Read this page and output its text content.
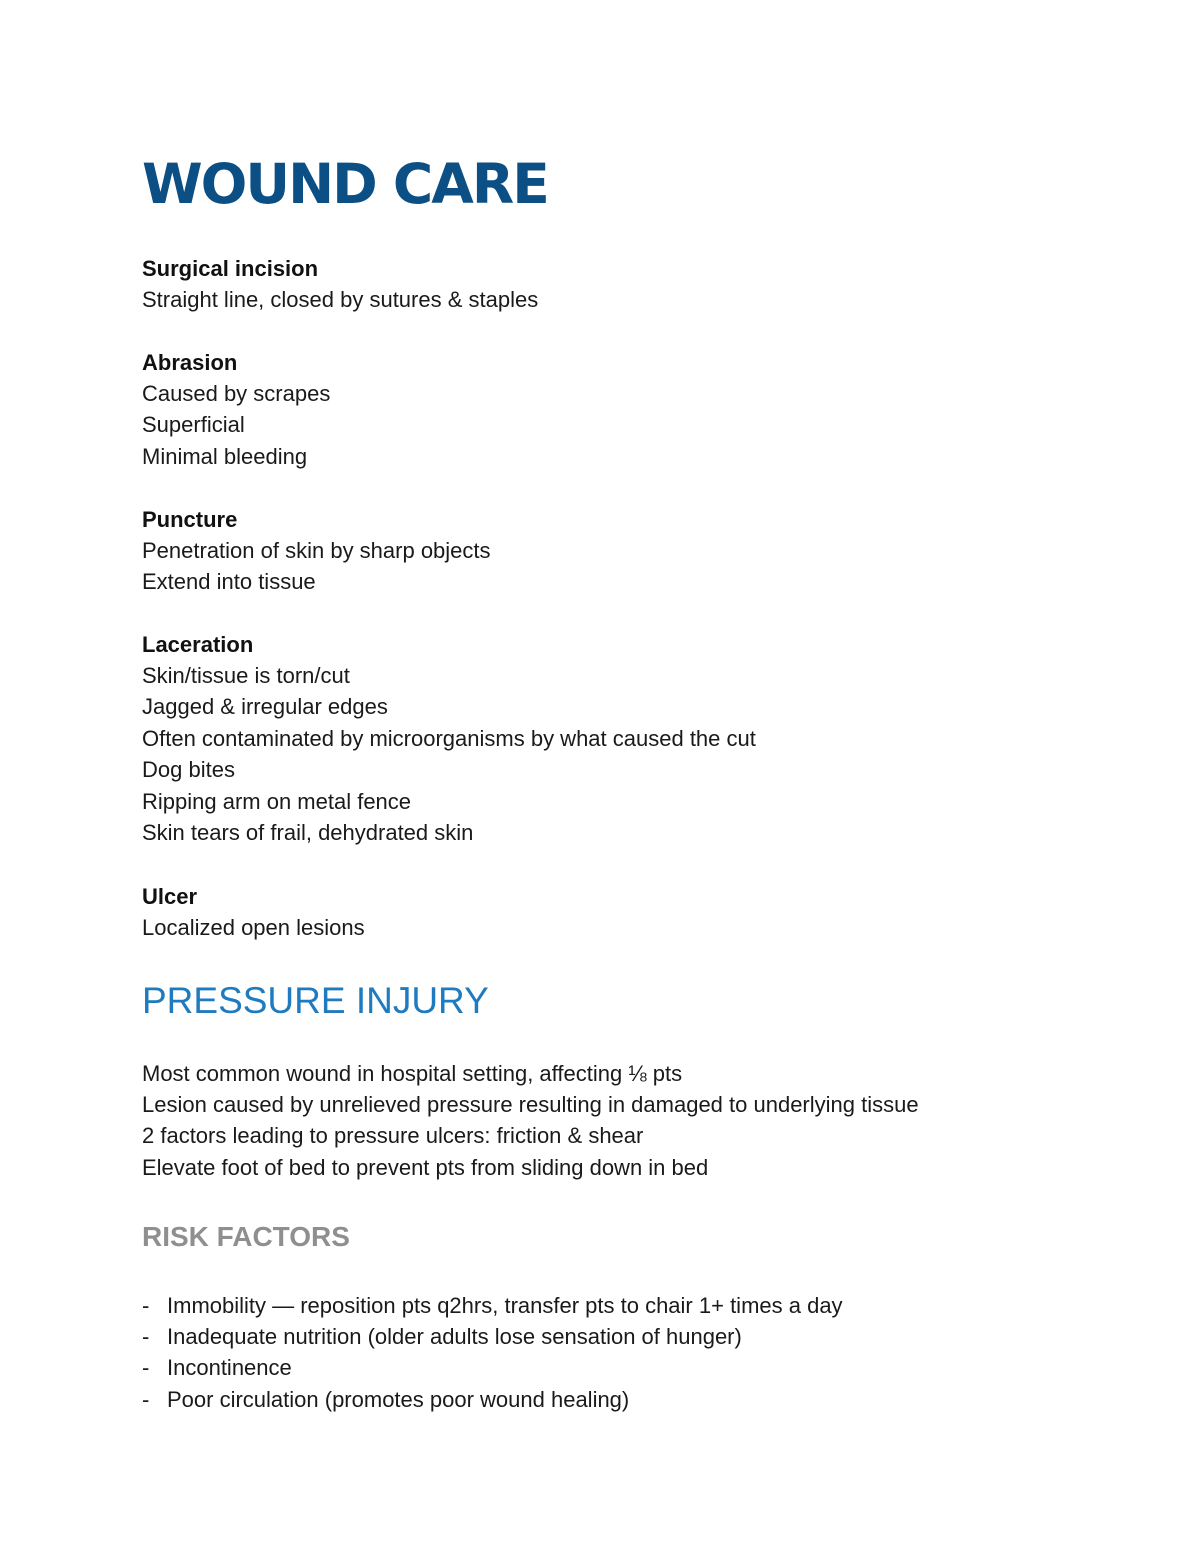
WOUND CARE

Surgical incision

Straight line, closed by sutures & staples

Abrasion

Caused by scrapes

Superficial

Minimal bleeding

Puncture

Penetration of skin by sharp objects

Extend into tissue

Laceration

Skin/tissue is torn/cut

Jagged & irregular edges

Often contaminated by microorganisms by what caused the cut

Dog bites

Ripping arm on metal fence

Skin tears of frail, dehydrated skin

Ulcer

Localized open lesions

PRESSURE INJURY

Most common wound in hospital setting, affecting ⅛ pts

Lesion caused by unrelieved pressure resulting in damaged to underlying tissue

2 factors leading to pressure ulcers: friction & shear

Elevate foot of bed to prevent pts from sliding down in bed

RISK FACTORS
- Immobility — reposition pts q2hrs, transfer pts to chair 1+ times a day
- Inadequate nutrition (older adults lose sensation of hunger)
- Incontinence
- Poor circulation (promotes poor wound healing)
